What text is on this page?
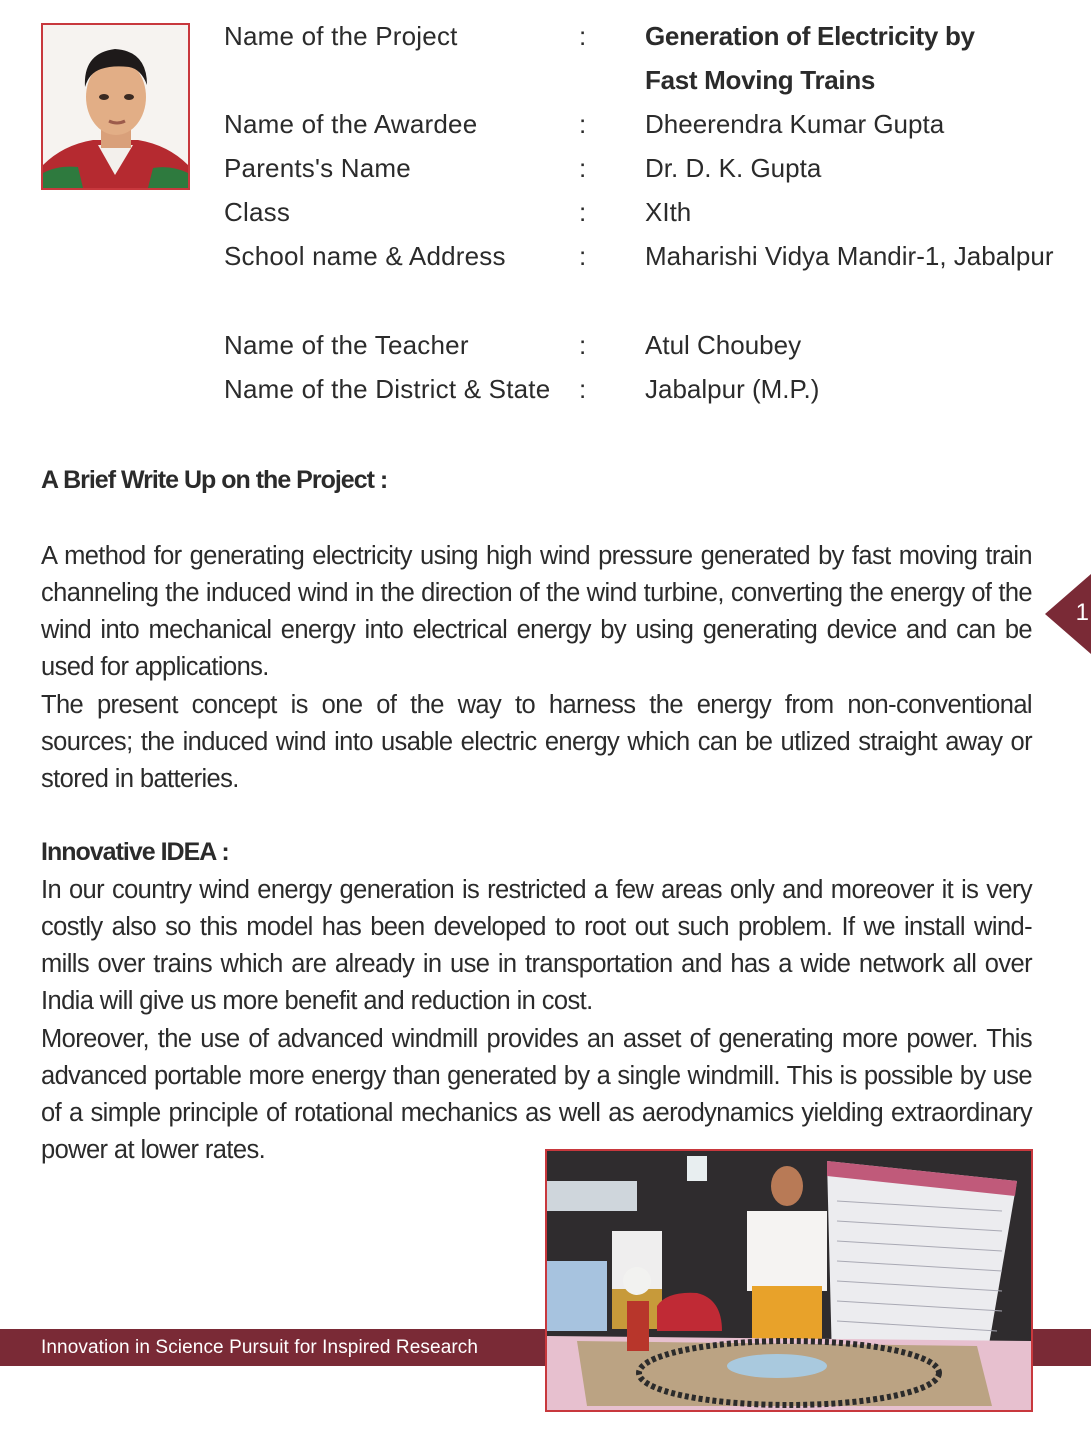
Name of the Project	: Generation of Electricity by
Fast Moving Trains
Name of the Awardee	: Dheerendra Kumar Gupta
Parents's Name	: Dr. D. K. Gupta
Class	: XIth
School name & Address	: Maharishi Vidya Mandir-1, Jabalpur
Name of the Teacher	: Atul Choubey
Name of the District & State : Jabalpur (M.P.)
A Brief Write Up on the Project :
A method for generating electricity using high wind pressure generated by fast moving train channeling the induced wind in the direction of the wind turbine, converting the energy of the wind into mechanical energy into electrical energy by using generating device and can be used for applications.
The present concept is one of the way to harness the energy from non-conventional sources; the induced wind into usable electric energy which can be utlized straight away or stored in batteries.
Innovative IDEA :
In our country wind energy generation is restricted a few areas only and moreover it is very costly also so this model has been developed to root out such problem. If we install wind-mills over trains which are already in use in transportation and has a wide network all over India will give us more benefit and reduction in cost.
Moreover, the use of advanced windmill provides an asset of generating more power. This advanced portable more energy than generated by a single windmill. This is possible by use of a simple principle of rotational mechanics as well as aerodynamics yielding extraordinary power at lower rates.
1
Innovation in Science Pursuit for Inspired Research
